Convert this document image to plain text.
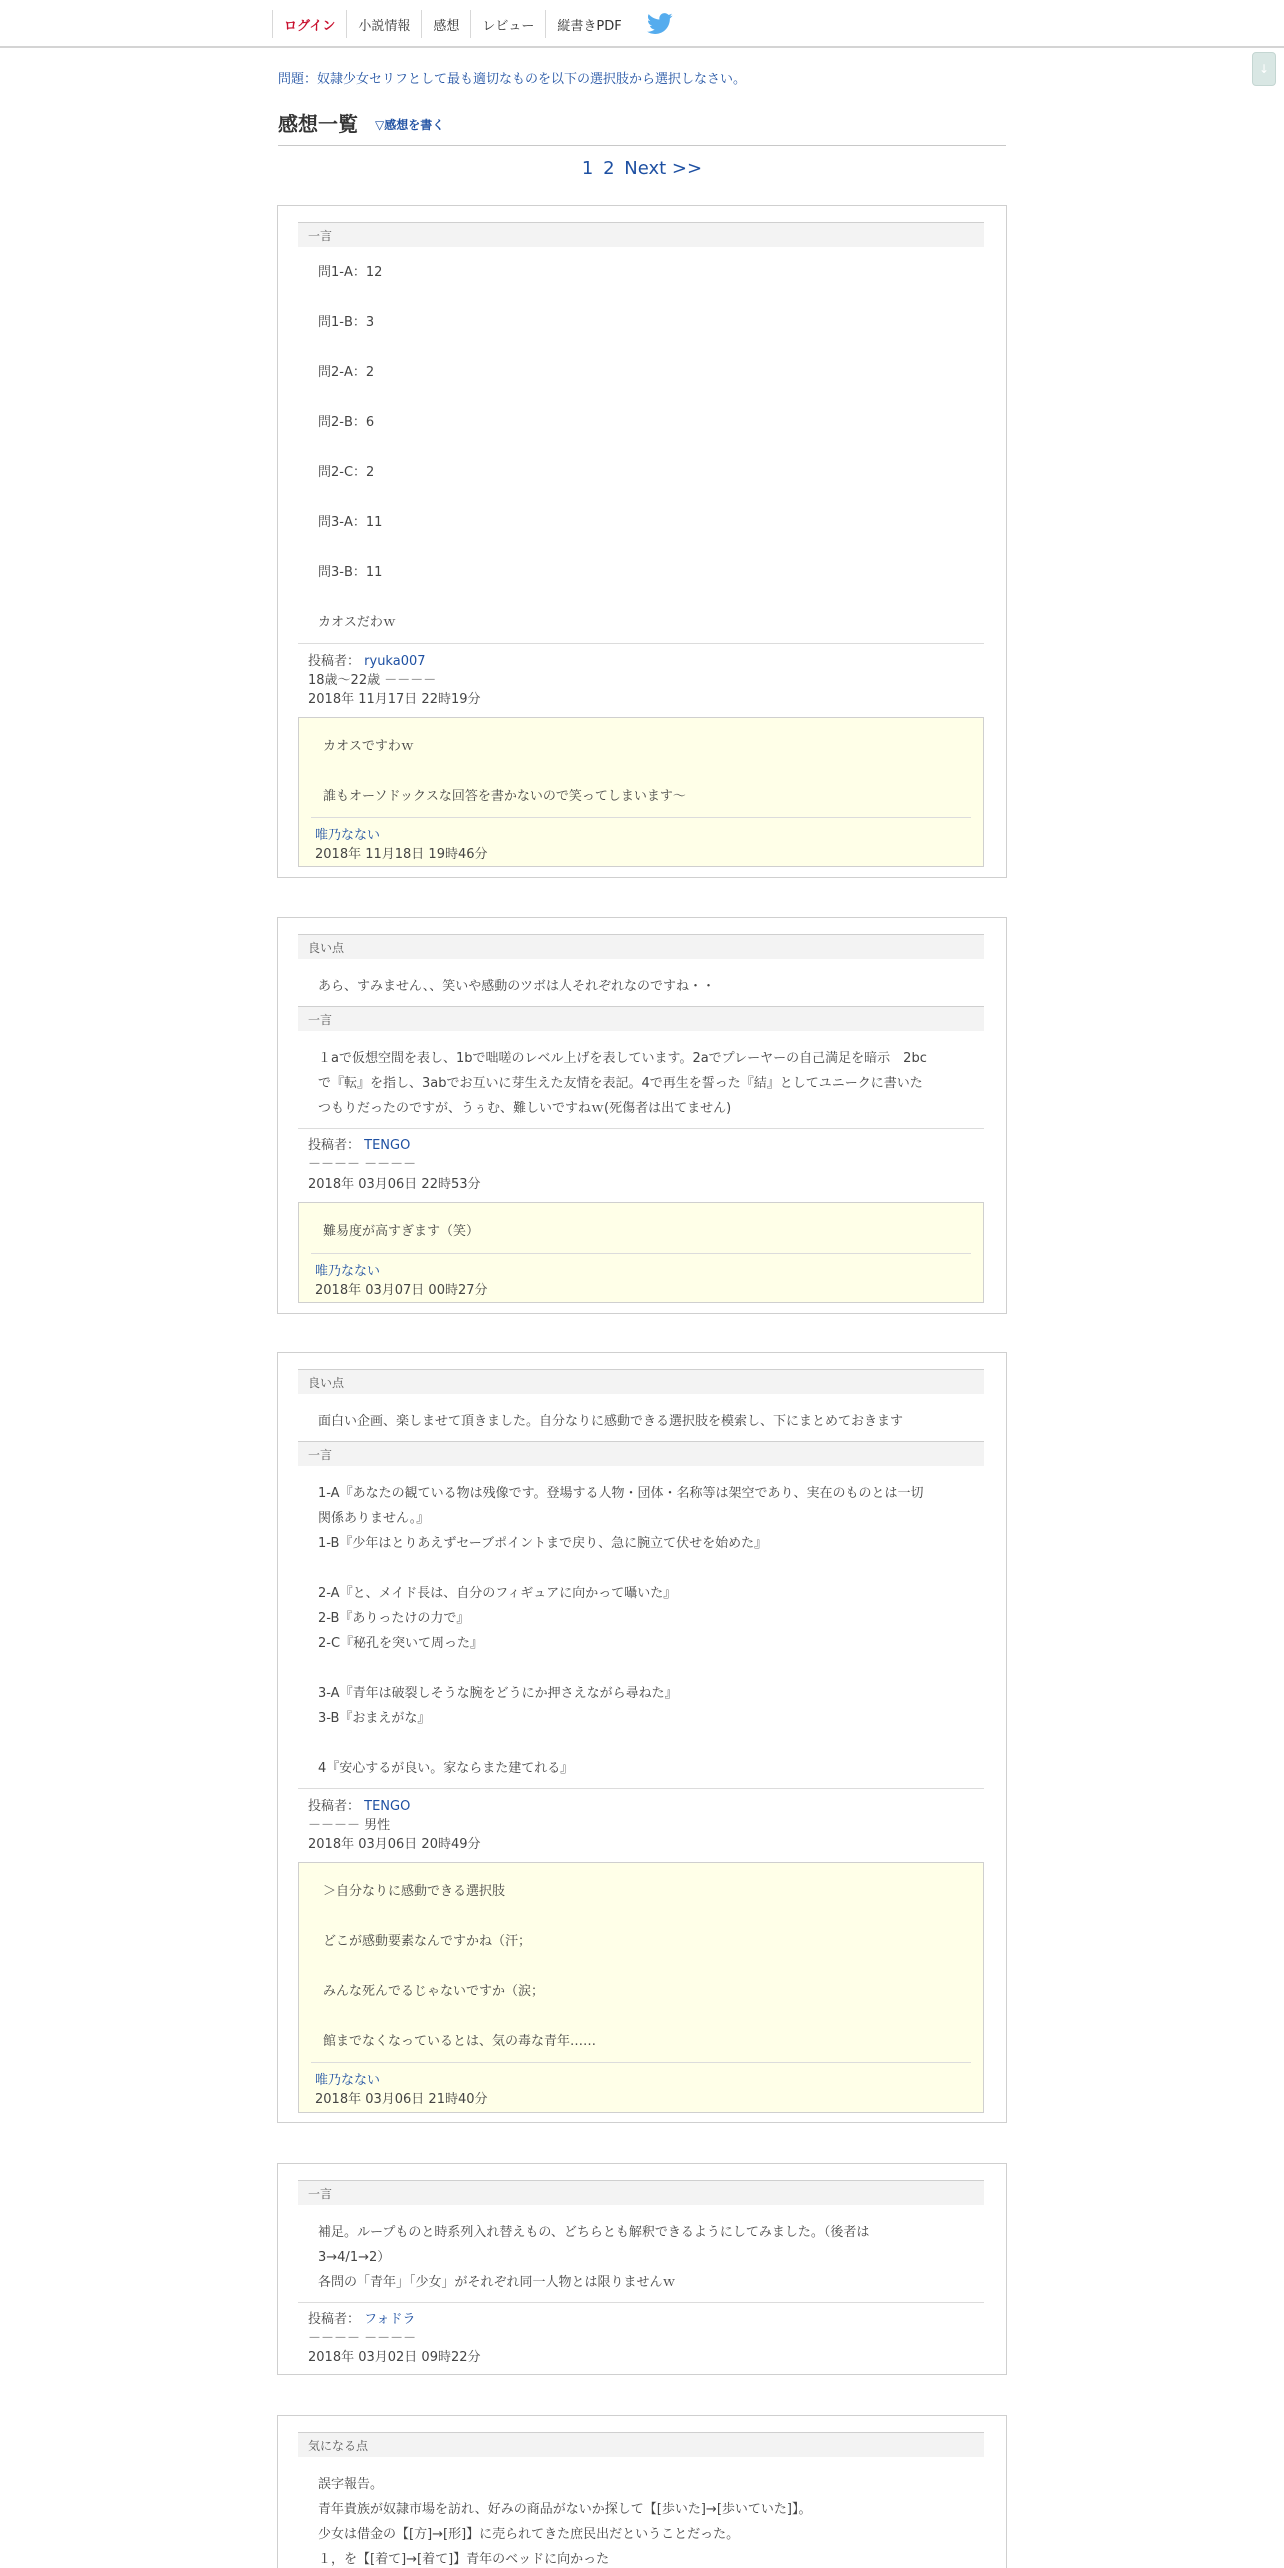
ログイン	小説情報	感想	レビュー	縦書きPDF
↓
問題：奴隷少女セリフとして最も適切なものを以下の選択肢から選択しなさい。
感想一覧 ▽感想を書く
1 2 Next >>
一言
問1-A：12
問1-B：3
問2-A：2
問2-B：6
問2-C：2
問3-A：11
問3-B：11
カオスだわｗ
投稿者： ryuka007
18歳～22歳 －－－－
2018年 11月17日 22時19分
カオスですわｗ
誰もオーソドックスな回答を書かないので笑ってしまいます～
唯乃なない
2018年 11月18日 19時46分
良い点
あら、すみません、、笑いや感動のツボは人それぞれなのですね・・
一言
１aで仮想空間を表し、1bで咄嗟のレベル上げを表しています。2aでプレーヤーの自己満足を暗示　2bc
で『転』を指し、3abでお互いに芽生えた友情を表記。4で再生を誓った『結』としてユニークに書いた
つもりだったのですが、うぅむ、難しいですねｗ(死傷者は出てません)
投稿者： TENGO
－－－－ －－－－
2018年 03月06日 22時53分
難易度が高すぎます（笑）
唯乃なない
2018年 03月07日 00時27分
良い点
面白い企画、楽しませて頂きました。自分なりに感動できる選択肢を模索し、下にまとめておきます
一言
1-A『あなたの観ている物は残像です。登場する人物・団体・名称等は架空であり、実在のものとは一切
関係ありません。』
1-B『少年はとりあえずセーブポイントまで戻り、急に腕立て伏せを始めた』
2-A『と、メイド長は、自分のフィギュアに向かって囁いた』
2-B『ありったけの力で』
2-C『秘孔を突いて周った』
3-A『青年は破裂しそうな腕をどうにか押さえながら尋ねた』
3-B『おまえがな』
4『安心するが良い。家ならまた建てれる』
投稿者： TENGO
－－－－ 男性
2018年 03月06日 20時49分
＞自分なりに感動できる選択肢
どこが感動要素なんですかね（汗；
みんな死んでるじゃないですか（涙；
館までなくなっているとは、気の毒な青年……
唯乃なない
2018年 03月06日 21時40分
一言
補足。ループものと時系列入れ替えもの、どちらとも解釈できるようにしてみました。（後者は
3→4/1→2）
各問の「青年」「少女」がそれぞれ同一人物とは限りませんｗ
投稿者： フォドラ
－－－－ －－－－
2018年 03月02日 09時22分
気になる点
誤字報告。
青年貴族が奴隷市場を訪れ、好みの商品がないか探して【[歩いた]→[歩いていた]】。
少女は借金の【[方]→[形]】に売られてきた庶民出だということだった。
１，を【[着て]→[着て]】青年のベッドに向かった
